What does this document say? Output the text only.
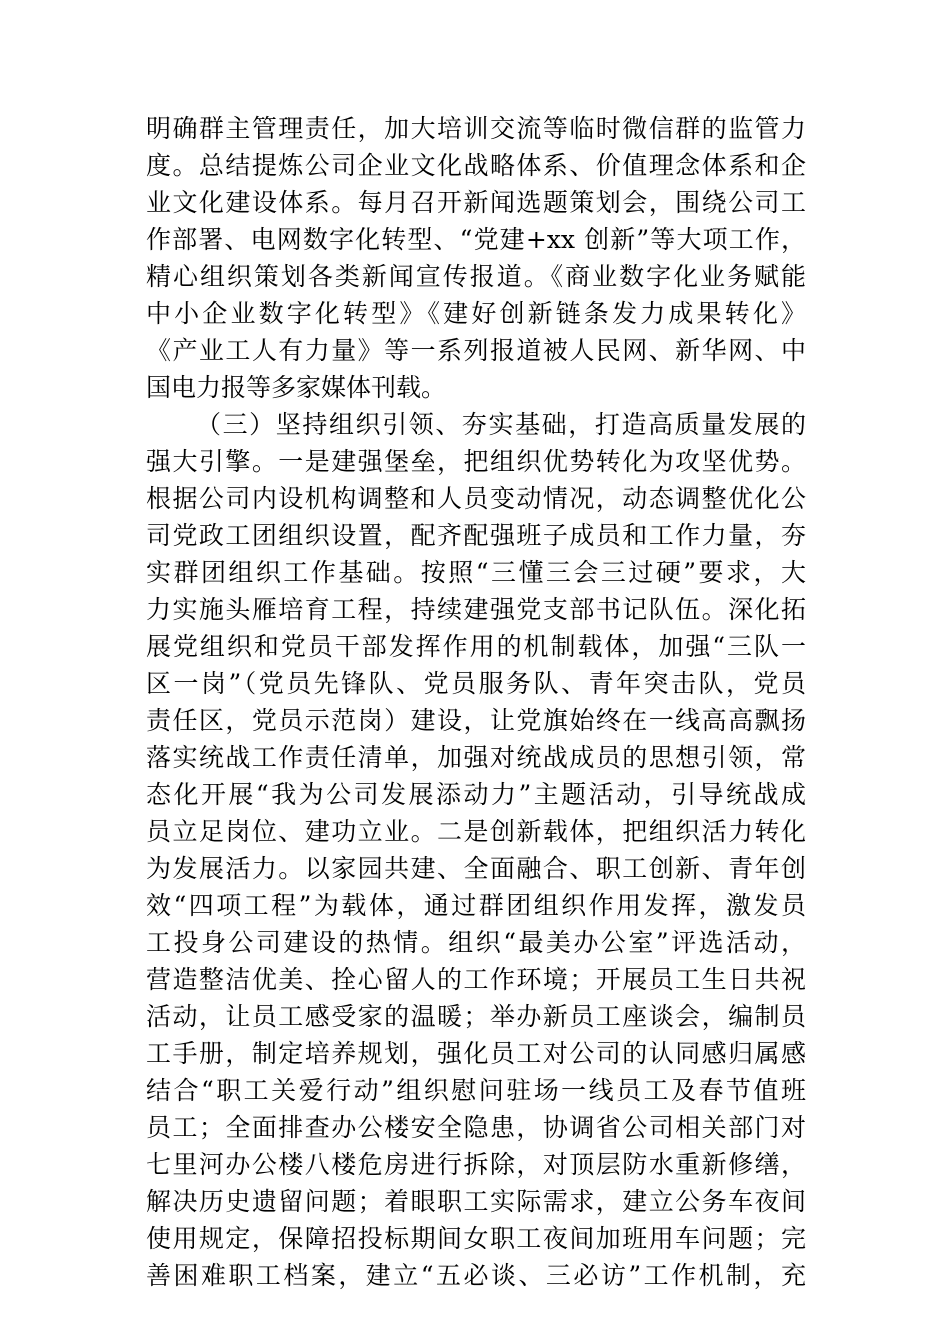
明确群主管理责任，加大培训交流等临时微信群的监管力
度。总结提炼公司企业文化战略体系、价值理念体系和企
业文化建设体系。每月召开新闻选题策划会，围绕公司工
作部署、电网数字化转型、“党建+xx 创新”等大项工作，
精心组织策划各类新闻宣传报道。《商业数字化业务赋能
中小企业数字化转型》《建好创新链条发力成果转化》
《产业工人有力量》等一系列报道被人民网、新华网、中
国电力报等多家媒体刊载。
（三）坚持组织引领、夯实基础，打造高质量发展的
强大引擎。一是建强堡垒，把组织优势转化为攻坚优势。
根据公司内设机构调整和人员变动情况，动态调整优化公
司党政工团组织设置，配齐配强班子成员和工作力量，夯
实群团组织工作基础。按照“三懂三会三过硬”要求，大
力实施头雁培育工程，持续建强党支部书记队伍。深化拓
展党组织和党员干部发挥作用的机制载体，加强“三队一
区一岗”（党员先锋队、党员服务队、青年突击队，党员
责任区，党员示范岗）建设，让党旗始终在一线高高飘扬
落实统战工作责任清单，加强对统战成员的思想引领，常
态化开展“我为公司发展添动力”主题活动，引导统战成
员立足岗位、建功立业。二是创新载体，把组织活力转化
为发展活力。以家园共建、全面融合、职工创新、青年创
效“四项工程”为载体，通过群团组织作用发挥，激发员
工投身公司建设的热情。组织“最美办公室”评选活动，
营造整洁优美、拴心留人的工作环境；开展员工生日共祝
活动，让员工感受家的温暖；举办新员工座谈会，编制员
工手册，制定培养规划，强化员工对公司的认同感归属感
结合“职工关爱行动”组织慰问驻场一线员工及春节值班
员工；全面排查办公楼安全隐患，协调省公司相关部门对
七里河办公楼八楼危房进行拆除，对顶层防水重新修缮，
解决历史遗留问题；着眼职工实际需求，建立公务车夜间
使用规定，保障招投标期间女职工夜间加班用车问题；完
善困难职工档案，建立“五必谈、三必访”工作机制，充
